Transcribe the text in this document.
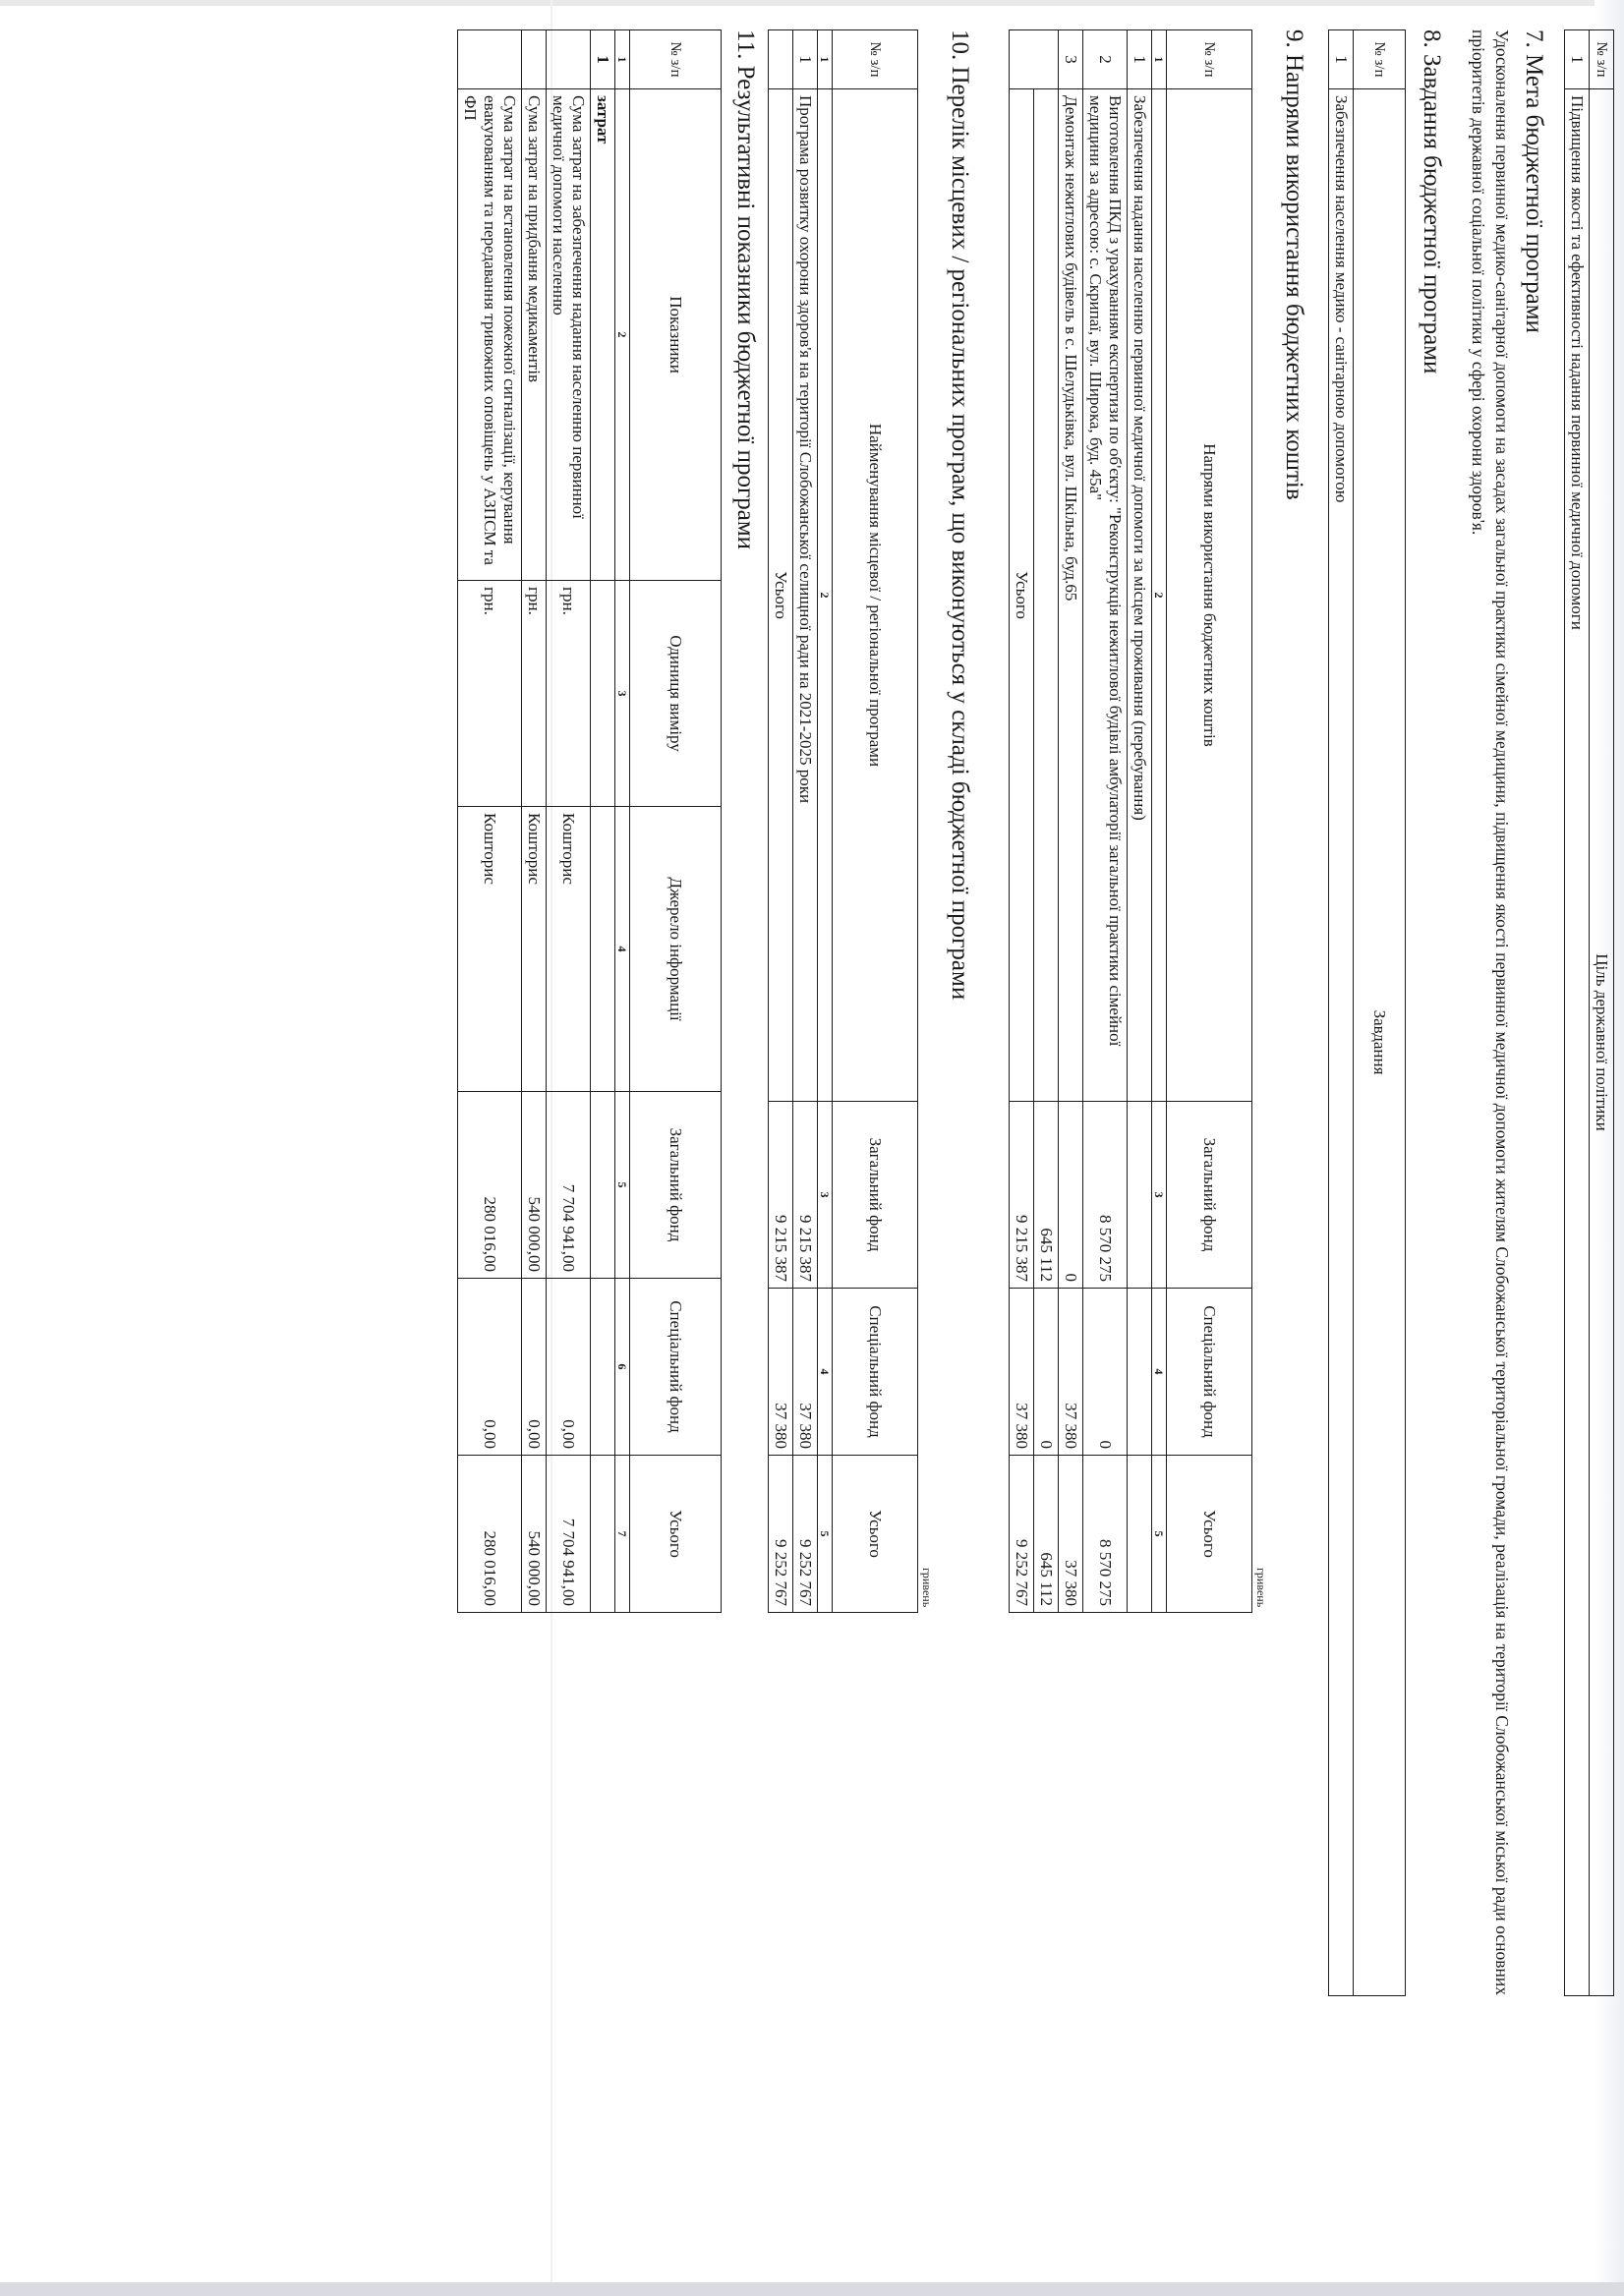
№ з/п	Ціль державної політики
1	Підвищення якості та ефективності надання первинної медичної допомоги
7. Мета бюджетної програми

Удосконалення первинної медико-санітарної допомоги на засадах загальної практики сімейної медицини, підвищення якості первинної медичної допомоги жителям Слобожанської територіальної громади, реалізація на території Слобожанської міської ради основних пріоритетів державної соціальної політики у сфері охорони здоров'я.

8. Завдання бюджетної програми
№ з/п	Завдання
1	Забезпечення населення медико - санітарною допомогою
9. Напрями використання бюджетних коштів
гривень
№ з/п	Напрями використання бюджетних коштів	Загальний фонд	Спеціальний фонд	Усього
1	2	3	4	5
1	Забезпечення надання населенню первинної медичної допомоги за місцем проживання (перебування)			
2	Виготовлення ПКД з урахуванням експертизи по об'єкту: "Реконструкція нежитлової будівлі амбулаторії загальної практики сімейної медицини за адресою: с. Скрипаї, вул. Широка, буд. 45а"	8 570 275	0	8 570 275
3	Демонтаж нежитлових будівель в с. Шелудьківка, вул. Шкільна, буд.65	0	37 380	37 380
		645 112	0	645 112
	Усього	9 215 387	37 380	9 252 767
10. Перелік місцевих / регіональних програм, що виконуються у складі бюджетної програми
гривень
№ з/п	Найменування місцевої / регіональної програми	Загальний фонд	Спеціальний фонд	Усього
1	2	3	4	5
1	Програма розвитку охорони здоров'я на території Слобожанської селищної ради на 2021-2025 роки	9 215 387	37 380	9 252 767
	Усього	9 215 387	37 380	9 252 767
11. Результативні показники бюджетної програми
№ з/п	Показники	Одиниця виміру	Джерело інформації	Загальний фонд	Спеціальний фонд	Усього
1	2	3	4	5	6	7
1	затрат					
	Сума затрат на забезпечення надання населенню первинної медичної допомоги населенню	грн.	Кошторис	7 704 941,00	0,00	7 704 941,00
	Сума затрат на придбання медикаментів	грн.	Кошторис	540 000,00	0,00	540 000,00
	Сума затрат на встановлення пожежної сигналізації, керування евакуюванням та передавання тривожних оповіщень у АЗПСМ та ФП	грн.	Кошторис	280 016,00	0,00	280 016,00
